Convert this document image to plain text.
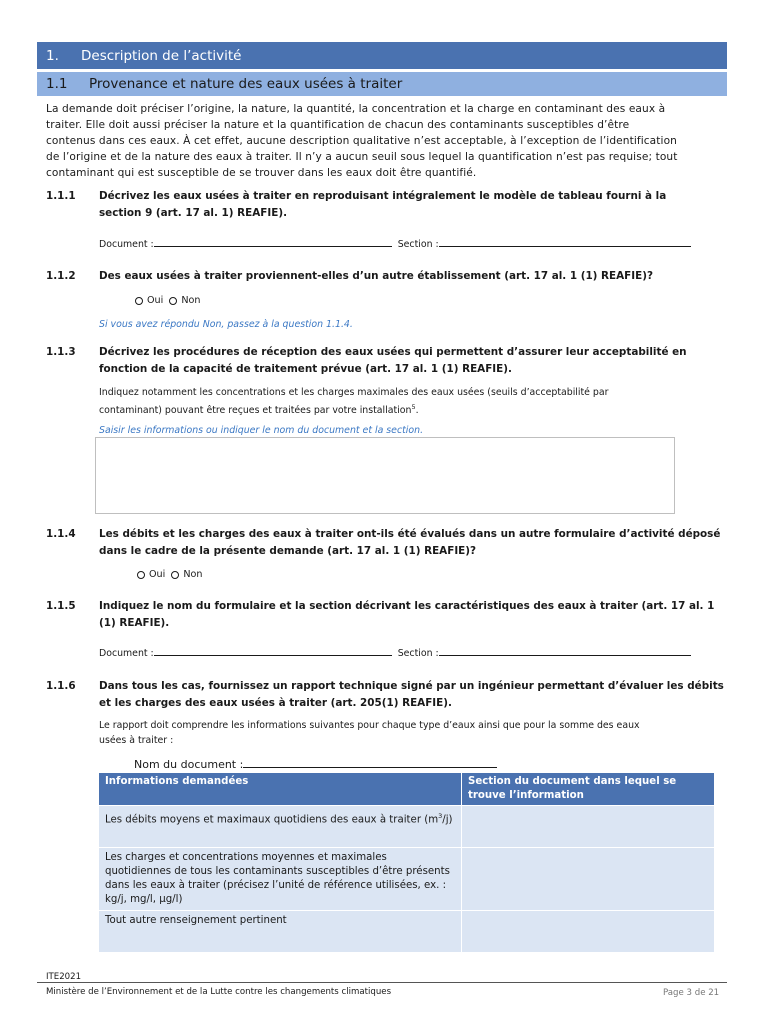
1.	Description de l’activité
1.1	Provenance et nature des eaux usées à traiter
La demande doit préciser l’origine, la nature, la quantité, la concentration et la charge en contaminant des eaux à
traiter. Elle doit aussi préciser la nature et la quantification de chacun des contaminants susceptibles d’être
contenus dans ces eaux. À cet effet, aucune description qualitative n’est acceptable, à l’exception de l’identification
de l’origine et de la nature des eaux à traiter. Il n’y a aucun seuil sous lequel la quantification n’est pas requise; tout
contaminant qui est susceptible de se trouver dans les eaux doit être quantifié.
1.1.1 Décrivez les eaux usées à traiter en reproduisant intégralement le modèle de tableau fourni à la section 9 (art. 17 al. 1) REAFIE).
Document :	Section :
1.1.2 Des eaux usées à traiter proviennent-elles d’un autre établissement (art. 17 al. 1 (1) REAFIE)?
Oui Non
Si vous avez répondu Non, passez à la question 1.1.4.
1.1.3 Décrivez les procédures de réception des eaux usées qui permettent d’assurer leur acceptabilité en fonction de la capacité de traitement prévue (art. 17 al. 1 (1) REAFIE).
Indiquez notamment les concentrations et les charges maximales des eaux usées (seuils d’acceptabilité par
contaminant) pouvant être reçues et traitées par votre installation$^5$.
Saisir les informations ou indiquer le nom du document et la section.
1.1.4 Les débits et les charges des eaux à traiter ont-ils été évalués dans un autre formulaire d’activité déposé dans le cadre de la présente demande (art. 17 al. 1 (1) REAFIE)?
Oui Non
1.1.5 Indiquez le nom du formulaire et la section décrivant les caractéristiques des eaux à traiter (art. 17 al. 1 (1) REAFIE).
Document :	Section :
1.1.6 Dans tous les cas, fournissez un rapport technique signé par un ingénieur permettant d’évaluer les débits et les charges des eaux usées à traiter (art. 205(1) REAFIE).
Le rapport doit comprendre les informations suivantes pour chaque type d’eaux ainsi que pour la somme des eaux
usées à traiter :
Nom du document :
Informations demandées	Section du document dans lequel se trouve l’information
Les débits moyens et maximaux quotidiens des eaux à traiter $(m^3/j)$	
Les charges et concentrations moyennes et maximales quotidiennes de tous les contaminants susceptibles d’être présents dans les eaux à traiter (précisez l’unité de référence utilisées, ex. : kg/j, mg/l, µg/l)	
Tout autre renseignement pertinent	
ITE2021
Ministère de l’Environnement et de la Lutte contre les changements climatiques	Page 3 de 21
